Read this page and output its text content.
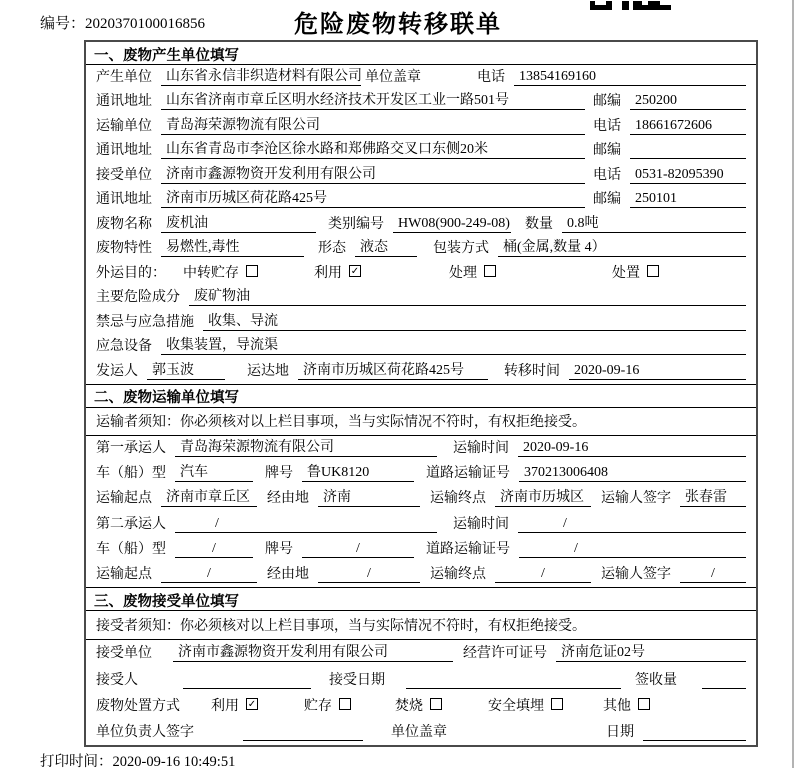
编号：2020370100016856	危险废物转移联单
一、废物产生单位填写
产生单位	山东省永信非织造材料有限公司 单位盖章	电话	13854169160
通讯地址	山东省济南市章丘区明水经济技术开发区工业一路501号	邮编	250200
运输单位	青岛海荣源物流有限公司	电话	18661672606
通讯地址	山东省青岛市李沧区徐水路和郑佛路交叉口东侧20米	邮编
接受单位	济南市鑫源物资开发利用有限公司	电话	0531-82095390
通讯地址	济南市历城区荷花路425号	邮编	250101
废物名称	废机油	类别编号	HW08(900-249-08) 数量	0.8吨
废物特性	易燃性,毒性	形态	液态	包装方式	桶(金属,数量 4）
外运目的： 中转贮存	利用 ✓	处理	处置
主要危险成分	废矿物油
禁忌与应急措施	收集、导流
应急设备	收集装置，导流渠
发运人	郭玉波	运达地	济南市历城区荷花路425号	转移时间	2020-09-16
二、废物运输单位填写
运输者须知：你必须核对以上栏目事项，当与实际情况不符时，有权拒绝接受。
第一承运人	青岛海荣源物流有限公司	运输时间	2020-09-16
车（船）型	汽车	牌号	鲁UK8120	道路运输证号	370213006408
运输起点	济南市章丘区	经由地	济南	运输终点	济南市历城区	运输人签字	张春雷
第二承运人	/	运输时间	/
车（船）型	/	牌号	/	道路运输证号	/
运输起点	/	经由地	/	运输终点	/	运输人签字	/
三、废物接受单位填写
接受者须知：你必须核对以上栏目事项，当与实际情况不符时，有权拒绝接受。
接受单位	济南市鑫源物资开发利用有限公司	经营许可证号	济南危证02号
接受人	接受日期	签收量
废物处置方式 利用 ✓	贮存	焚烧	安全填埋	其他
单位负责人签字	单位盖章	日期
打印时间：2020-09-16 10:49:51
